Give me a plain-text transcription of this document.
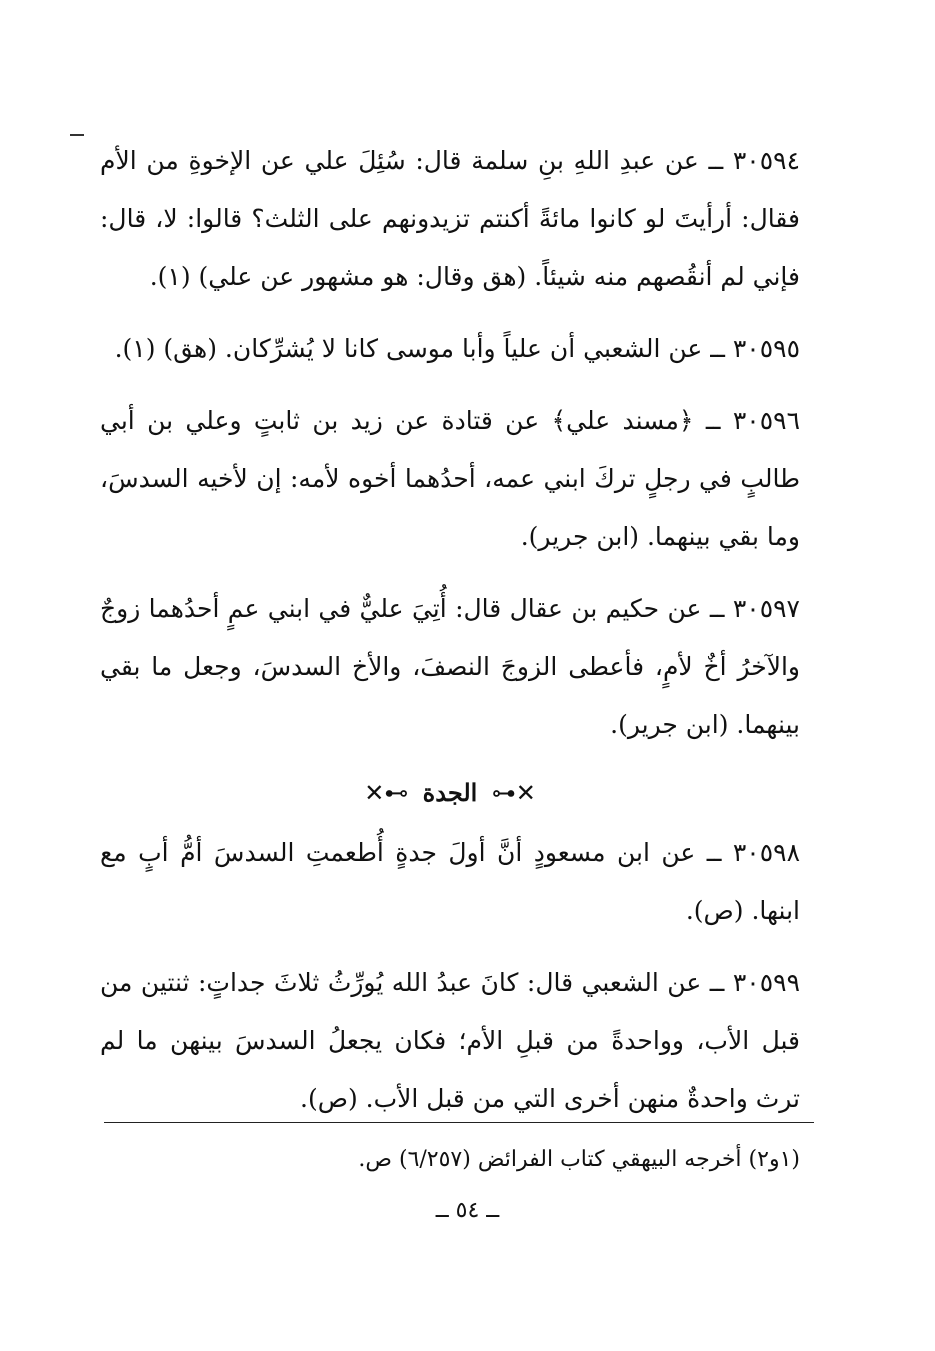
٣٠٥٩٤ ــ عن عبدِ اللهِ بنِ سلمة قال: سُئِلَ علي عن الإخوةِ من الأم فقال: أرأيتَ لو كانوا مائةً أكنتم تزيدونهم على الثلث؟ قالوا: لا، قال: فإني لم أنقُصهم منه شيئاً. (هق وقال: هو مشهور عن علي) (١).

٣٠٥٩٥ ــ عن الشعبي أن علياً وأبا موسى كانا لا يُشرِّكان. (هق) (١).

٣٠٥٩٦ ــ ﴿مسند علي﴾ عن قتادة عن زيد بن ثابتٍ وعلي بن أبي طالبٍ في رجلٍ تركَ ابني عمه، أحدُهما أخوه لأمه: إن لأخيه السدسَ، وما بقي بينهما. (ابن جرير).

٣٠٥٩٧ ــ عن حكيم بن عقال قال: أُتِيَ عليٌّ في ابني عمٍ أحدُهما زوجٌ والآخرُ أخٌ لأمٍ، فأعطى الزوجَ النصفَ، والأخ السدسَ، وجعل ما بقي بينهما. (ابن جرير).

✕⊷ الجدة ⊶✕

٣٠٥٩٨ ــ عن ابن مسعودٍ أنَّ أولَ جدةٍ أُطعمتِ السدسَ أمُّ أبٍ مع ابنها. (ص).

٣٠٥٩٩ ــ عن الشعبي قال: كانَ عبدُ الله يُورِّثُ ثلاثَ جداتٍ: ثنتين من قبل الأب، وواحدةً من قبلِ الأم؛ فكان يجعلُ السدسَ بينهن ما لم ترث واحدةٌ منهن أخرى التي من قبل الأب. (ص).

(١و٢) أخرجه البيهقي كتاب الفرائض (٦/٢٥٧) ص.
ــ ٥٤ ــ
